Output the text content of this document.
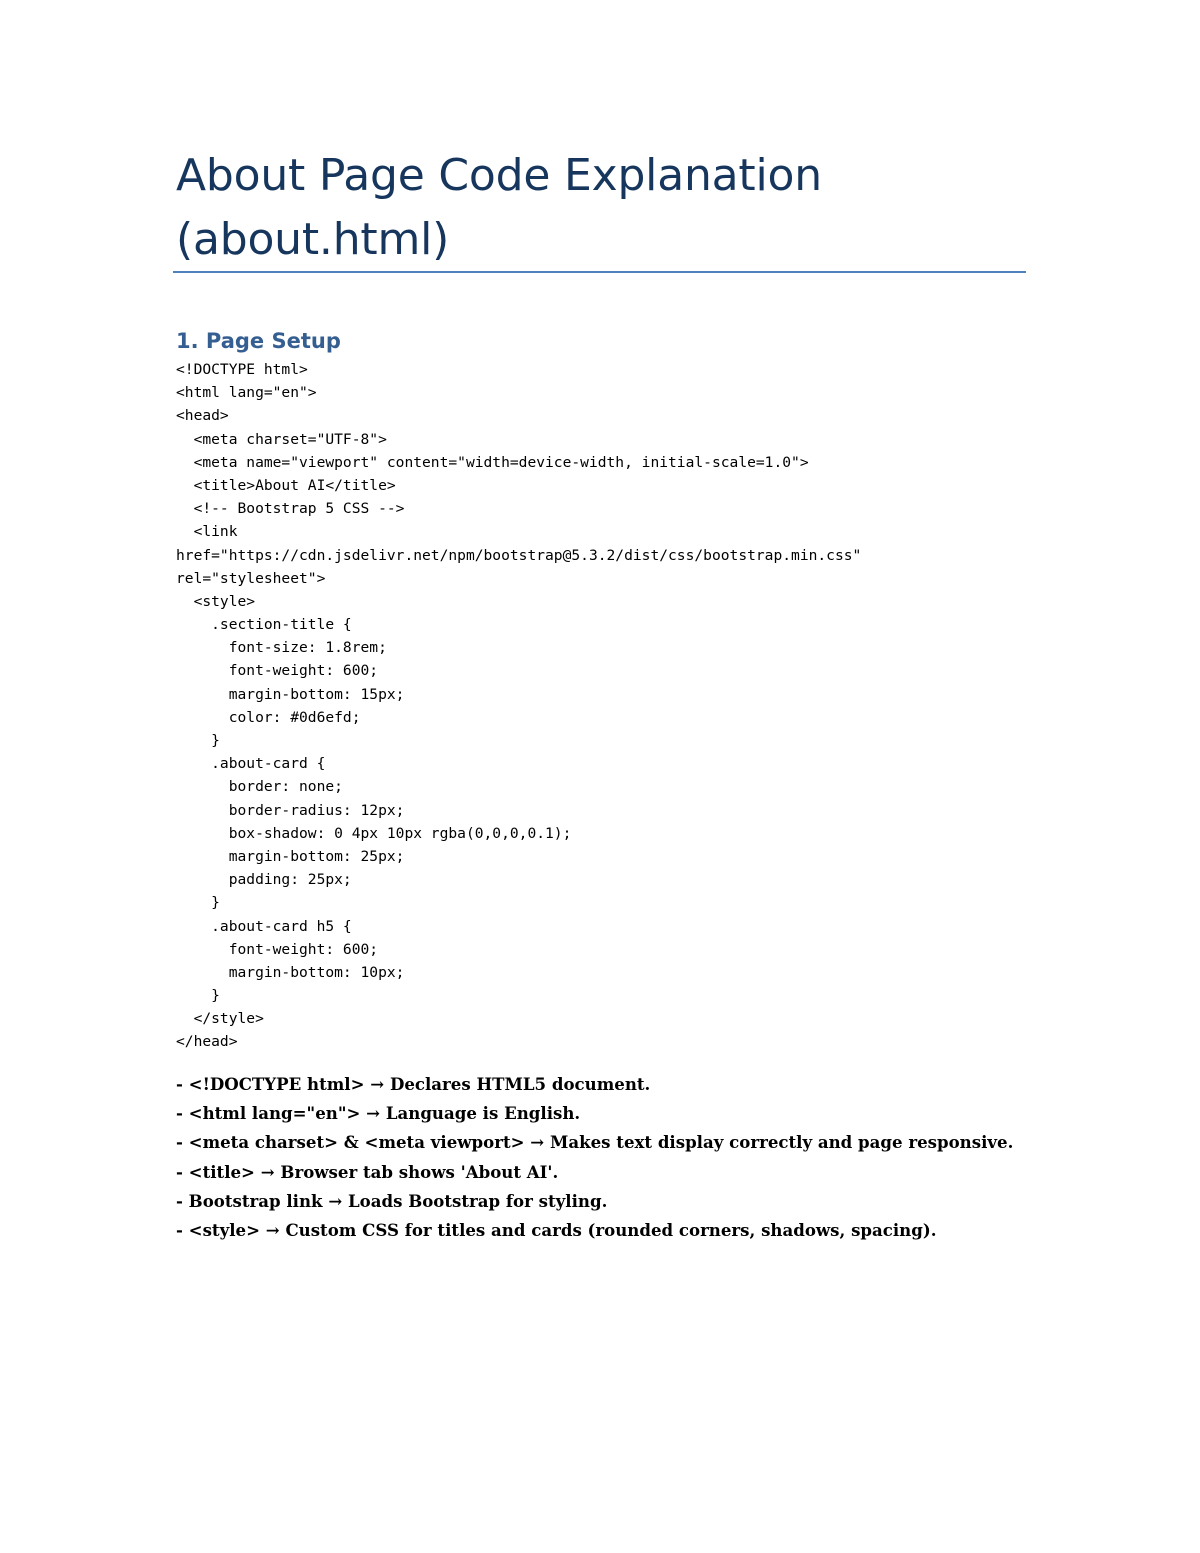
About Page Code Explanation
(about.html)
1. Page Setup
<!DOCTYPE html>
<html lang="en">
<head>
<meta charset="UTF-8">
<meta name="viewport" content="width=device-width, initial-scale=1.0">
<title>About AI</title>
<!-- Bootstrap 5 CSS -->
<link
href="https://cdn.jsdelivr.net/npm/bootstrap@5.3.2/dist/css/bootstrap.min.css"
rel="stylesheet">
<style>
.section-title {
font-size: 1.8rem;
font-weight: 600;
margin-bottom: 15px;
color: #0d6efd;
}
.about-card {
border: none;
border-radius: 12px;
box-shadow: 0 4px 10px rgba(0,0,0,0.1);
margin-bottom: 25px;
padding: 25px;
}
.about-card h5 {
font-weight: 600;
margin-bottom: 10px;
}
</style>
</head>
- <!DOCTYPE html> → Declares HTML5 document.
- <html lang="en"> → Language is English.
- <meta charset> & <meta viewport> → Makes text display correctly and page responsive.
- <title> → Browser tab shows 'About AI'.
- Bootstrap link → Loads Bootstrap for styling.
- <style> → Custom CSS for titles and cards (rounded corners, shadows, spacing).
